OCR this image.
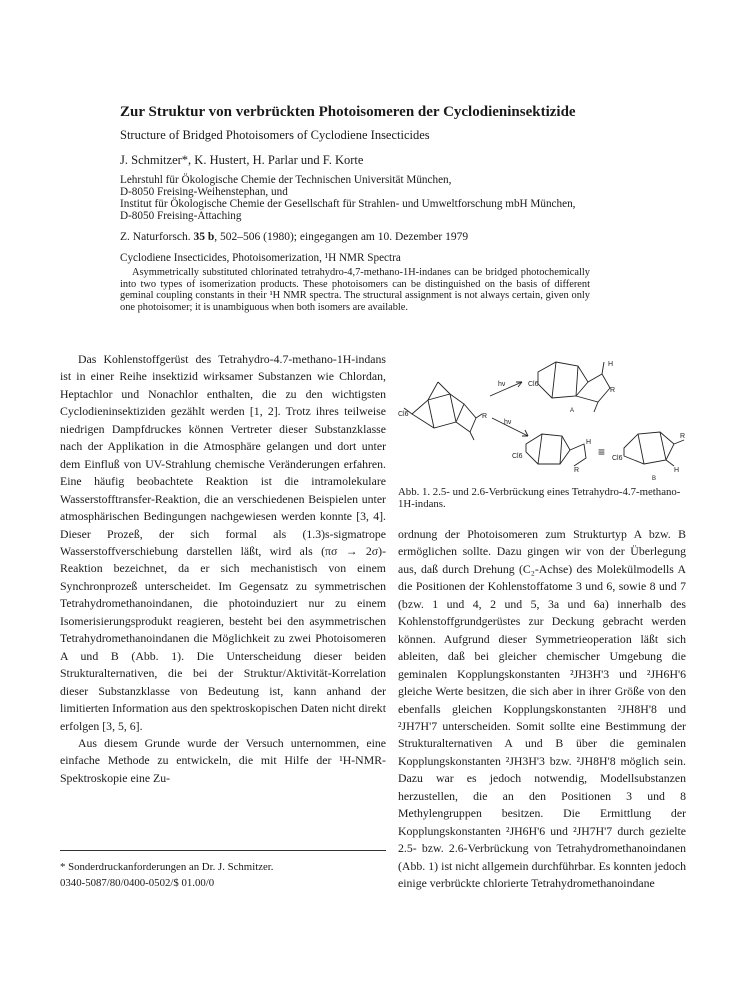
Zur Struktur von verbrückten Photoisomeren der Cyclodieninsektizide
Structure of Bridged Photoisomers of Cyclodiene Insecticides
J. Schmitzer*, K. Hustert, H. Parlar und F. Korte
Lehrstuhl für Ökologische Chemie der Technischen Universität München,
D-8050 Freising-Weihenstephan, und
Institut für Ökologische Chemie der Gesellschaft für Strahlen- und Umweltforschung mbH München,
D-8050 Freising-Attaching
Z. Naturforsch. 35 b, 502–506 (1980); eingegangen am 10. Dezember 1979
Cyclodiene Insecticides, Photoisomerization, ¹H NMR Spectra

Asymmetrically substituted chlorinated tetrahydro-4,7-methano-1H-indanes can be bridged photochemically into two types of isomerization products. These photoisomers can be distinguished on the basis of different geminal coupling constants in their ¹H NMR spectra. The structural assignment is not always certain, given only one photoisomer; it is unambiguous when both isomers are available.

Das Kohlenstoffgerüst des Tetrahydro-4.7-methano-1H-indans ist in einer Reihe insektizid wirksamer Substanzen wie Chlordan, Heptachlor und Nonachlor enthalten, die zu den wichtigsten Cyclodieninsektiziden gezählt werden [1, 2]. Trotz ihres teilweise niedrigen Dampfdruckes können Vertreter dieser Substanzklasse nach der Applikation in die Atmosphäre gelangen und dort unter dem Einfluß von UV-Strahlung chemische Veränderungen erfahren. Eine häufig beobachtete Reaktion ist die intramolekulare Wasserstofftransfer-Reaktion, die an verschiedenen Beispielen unter atmosphärischen Bedingungen nachgewiesen werden konnte [3, 4]. Dieser Prozeß, der sich formal als (1.3)s-sigmatrope Wasserstoffverschiebung darstellen läßt, wird als (πσ → 2σ)-Reaktion bezeichnet, da er sich mechanistisch von einem Synchronprozeß unterscheidet. Im Gegensatz zu symmetrischen Tetrahydromethanoindanen, die photoinduziert nur zu einem Isomerisierungsprodukt reagieren, besteht bei den asymmetrischen Tetrahydromethanoindanen die Möglichkeit zu zwei Photoisomeren A und B (Abb. 1). Die Unterscheidung dieser beiden Strukturalternativen, die bei der Struktur/Aktivität-Korrelation dieser Substanzklasse von Bedeutung ist, kann anhand der limitierten Information aus den spektroskopischen Daten nicht direkt erfolgen [3, 5, 6].

Aus diesem Grunde wurde der Versuch unternommen, eine einfache Methode zu entwickeln, die mit Hilfe der ¹H-NMR-Spektroskopie eine Zu-

* Sonderdruckanforderungen an Dr. J. Schmitzer.
0340-5087/80/0400-0502/$ 01.00/0
Cl6	R
hν
hν
Cl6
H
R
A
Cl6
H
R
≡ Cl6
R
H
B
Abb. 1. 2.5- und 2.6-Verbrückung eines Tetrahydro-4.7-methano-1H-indans.

ordnung der Photoisomeren zum Strukturtyp A bzw. B ermöglichen sollte. Dazu gingen wir von der Überlegung aus, daß durch Drehung (C₂-Achse) des Molekülmodells A die Positionen der Kohlenstoffatome 3 und 6, sowie 8 und 7 (bzw. 1 und 4, 2 und 5, 3a und 6a) innerhalb des Kohlenstoffgrundgerüstes zur Deckung gebracht werden können. Aufgrund dieser Symmetrieoperation läßt sich ableiten, daß bei gleicher chemischer Umgebung die geminalen Kopplungskonstanten ²JH3H'3 und ²JH6H'6 gleiche Werte besitzen, die sich aber in ihrer Größe von den ebenfalls gleichen Kopplungskonstanten ²JH8H'8 und ²JH7H'7 unterscheiden. Somit sollte eine Bestimmung der Strukturalternativen A und B über die geminalen Kopplungskonstanten ²JH3H'3 bzw. ²JH8H'8 möglich sein. Dazu war es jedoch notwendig, Modellsubstanzen herzustellen, die an den Positionen 3 und 8 Methylengruppen besitzen. Die Ermittlung der Kopplungskonstanten ²JH6H'6 und ²JH7H'7 durch gezielte 2.5- bzw. 2.6-Verbrückung von Tetrahydromethanoindanen (Abb. 1) ist nicht allgemein durchführbar. Es konnten jedoch einige verbrückte chlorierte Tetrahydromethanoindane
